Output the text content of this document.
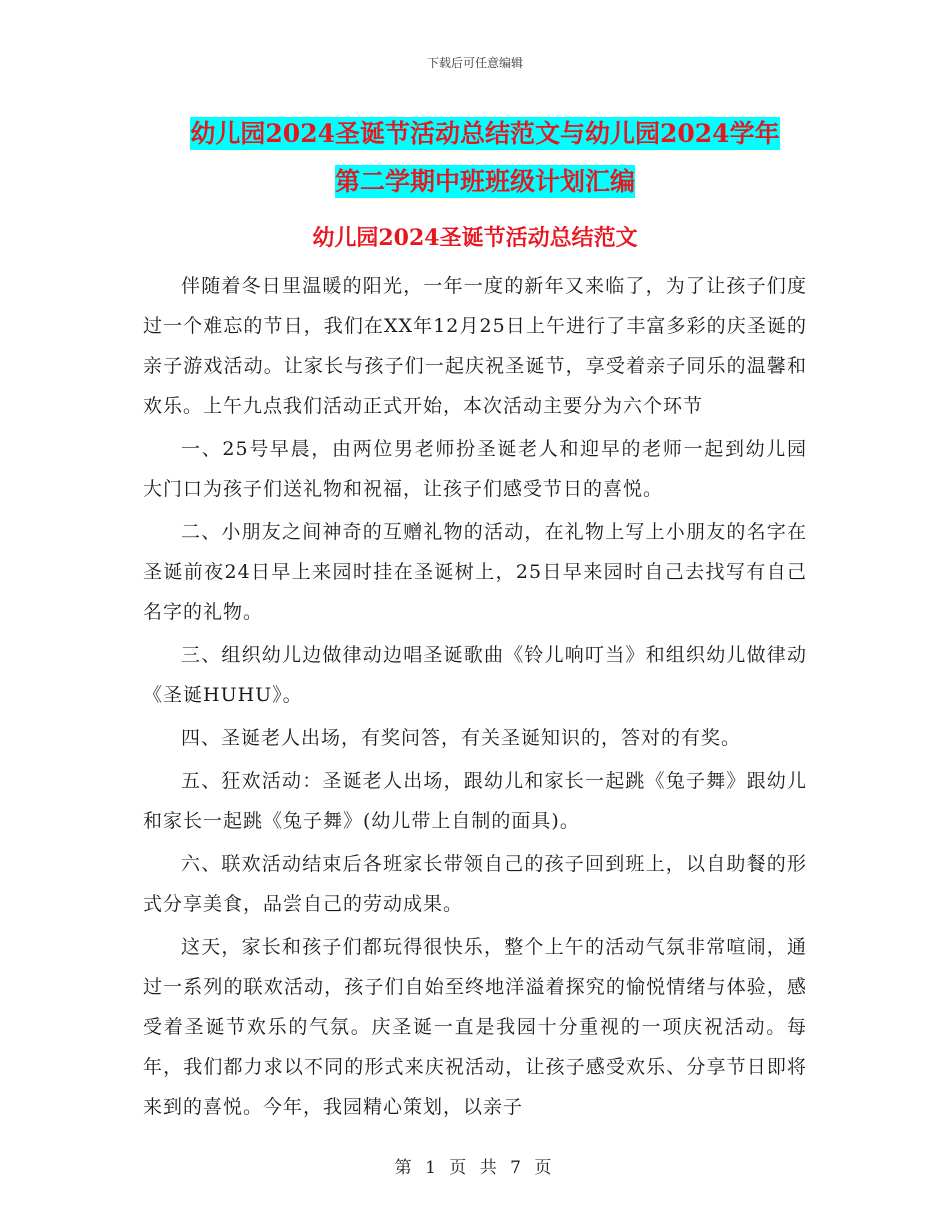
下载后可任意编辑
幼儿园2024圣诞节活动总结范文与幼儿园2024学年
第二学期中班班级计划汇编
幼儿园2024圣诞节活动总结范文

伴随着冬日里温暖的阳光，一年一度的新年又来临了，为了让孩子们度过一个难忘的节日，我们在XX年12月25日上午进行了丰富多彩的庆圣诞的亲子游戏活动。让家长与孩子们一起庆祝圣诞节，享受着亲子同乐的温馨和欢乐。上午九点我们活动正式开始，本次活动主要分为六个环节

一、25号早晨，由两位男老师扮圣诞老人和迎早的老师一起到幼儿园大门口为孩子们送礼物和祝福，让孩子们感受节日的喜悦。

二、小朋友之间神奇的互赠礼物的活动，在礼物上写上小朋友的名字在圣诞前夜24日早上来园时挂在圣诞树上，25日早来园时自己去找写有自己名字的礼物。

三、组织幼儿边做律动边唱圣诞歌曲《铃儿响叮当》和组织幼儿做律动《圣诞HUHU》。

四、圣诞老人出场，有奖问答，有关圣诞知识的，答对的有奖。

五、狂欢活动：圣诞老人出场，跟幼儿和家长一起跳《兔子舞》跟幼儿和家长一起跳《兔子舞》(幼儿带上自制的面具)。

六、联欢活动结束后各班家长带领自己的孩子回到班上，以自助餐的形式分享美食，品尝自己的劳动成果。

这天，家长和孩子们都玩得很快乐，整个上午的活动气氛非常喧闹，通过一系列的联欢活动，孩子们自始至终地洋溢着探究的愉悦情绪与体验，感受着圣诞节欢乐的气氛。庆圣诞一直是我园十分重视的一项庆祝活动。每年，我们都力求以不同的形式来庆祝活动，让孩子感受欢乐、分享节日即将来到的喜悦。今年，我园精心策划，以亲子

第 1 页 共 7 页
